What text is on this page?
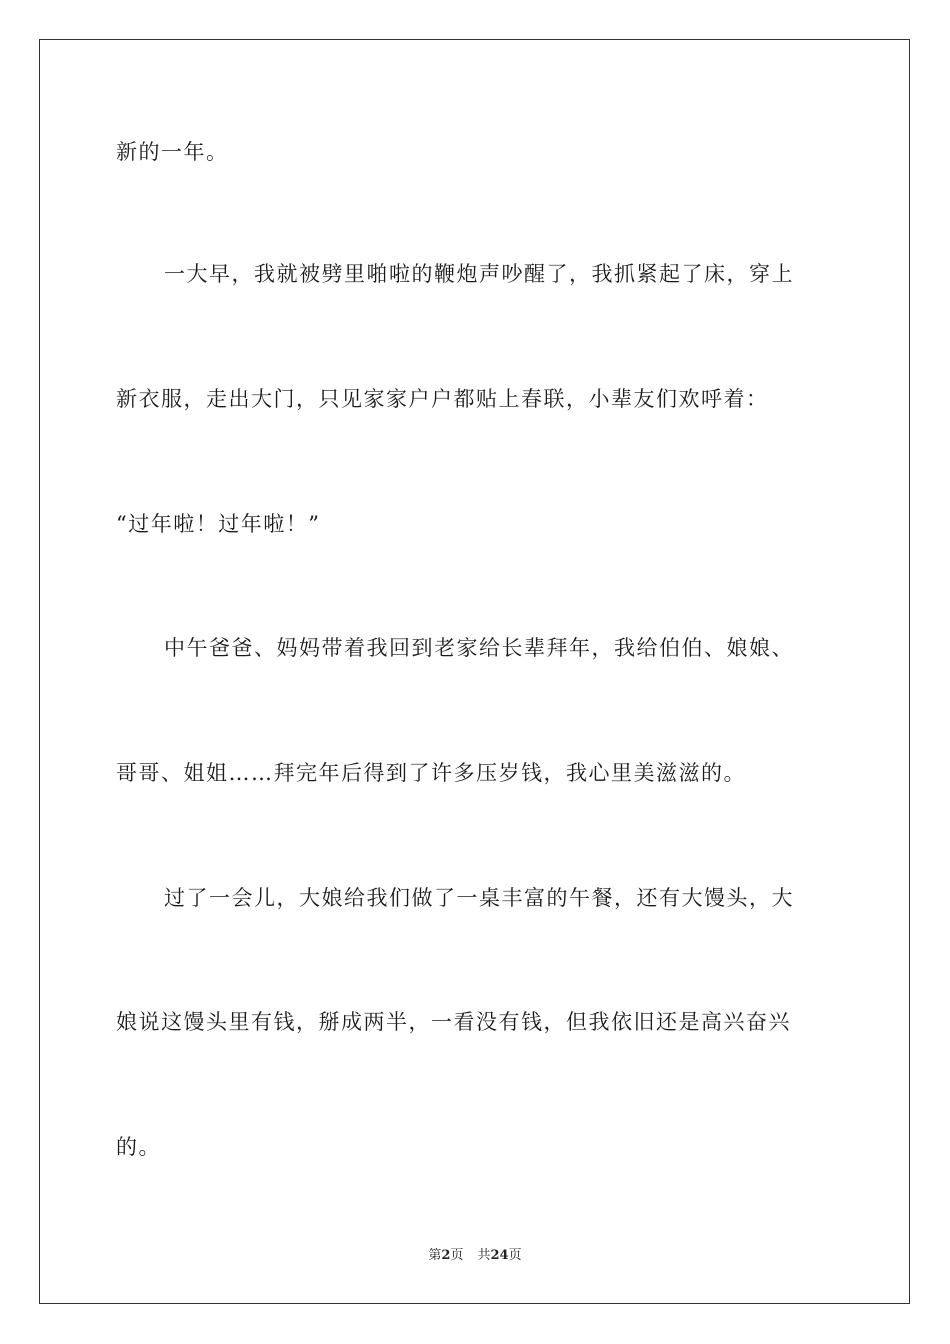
新的一年。
一大早，我就被劈里啪啦的鞭炮声吵醒了，我抓紧起了床，穿上
新衣服，走出大门，只见家家户户都贴上春联，小辈友们欢呼着：
“过年啦！过年啦！”
中午爸爸、妈妈带着我回到老家给长辈拜年，我给伯伯、娘娘、
哥哥、姐姐……拜完年后得到了许多压岁钱，我心里美滋滋的。
过了一会儿，大娘给我们做了一桌丰富的午餐，还有大馒头，大
娘说这馒头里有钱，掰成两半，一看没有钱，但我依旧还是高兴奋兴
的。
第2页 共24页
